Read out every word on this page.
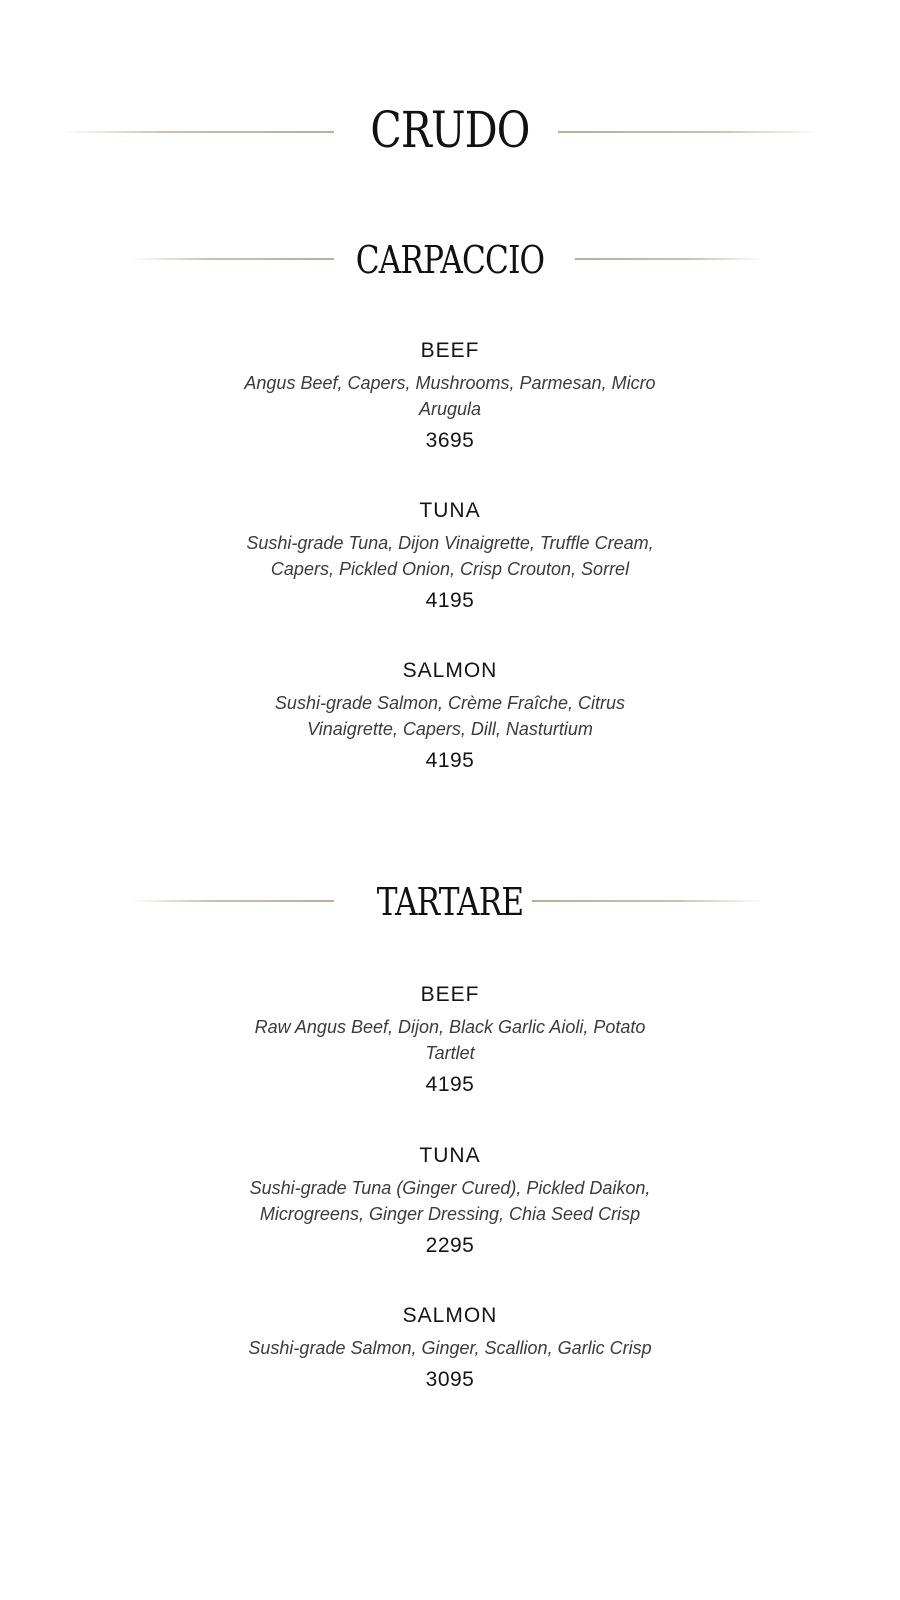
CRUDO
CARPACCIO
BEEF
Angus Beef, Capers, Mushrooms, Parmesan, Micro Arugula
3695
TUNA
Sushi-grade Tuna, Dijon Vinaigrette, Truffle Cream, Capers, Pickled Onion, Crisp Crouton, Sorrel
4195
SALMON
Sushi-grade Salmon, Crème Fraîche, Citrus Vinaigrette, Capers, Dill, Nasturtium
4195
TARTARE
BEEF
Raw Angus Beef, Dijon, Black Garlic Aioli, Potato Tartlet
4195
TUNA
Sushi-grade Tuna (Ginger Cured), Pickled Daikon, Microgreens, Ginger Dressing, Chia Seed Crisp
2295
SALMON
Sushi-grade Salmon, Ginger, Scallion, Garlic Crisp
3095
